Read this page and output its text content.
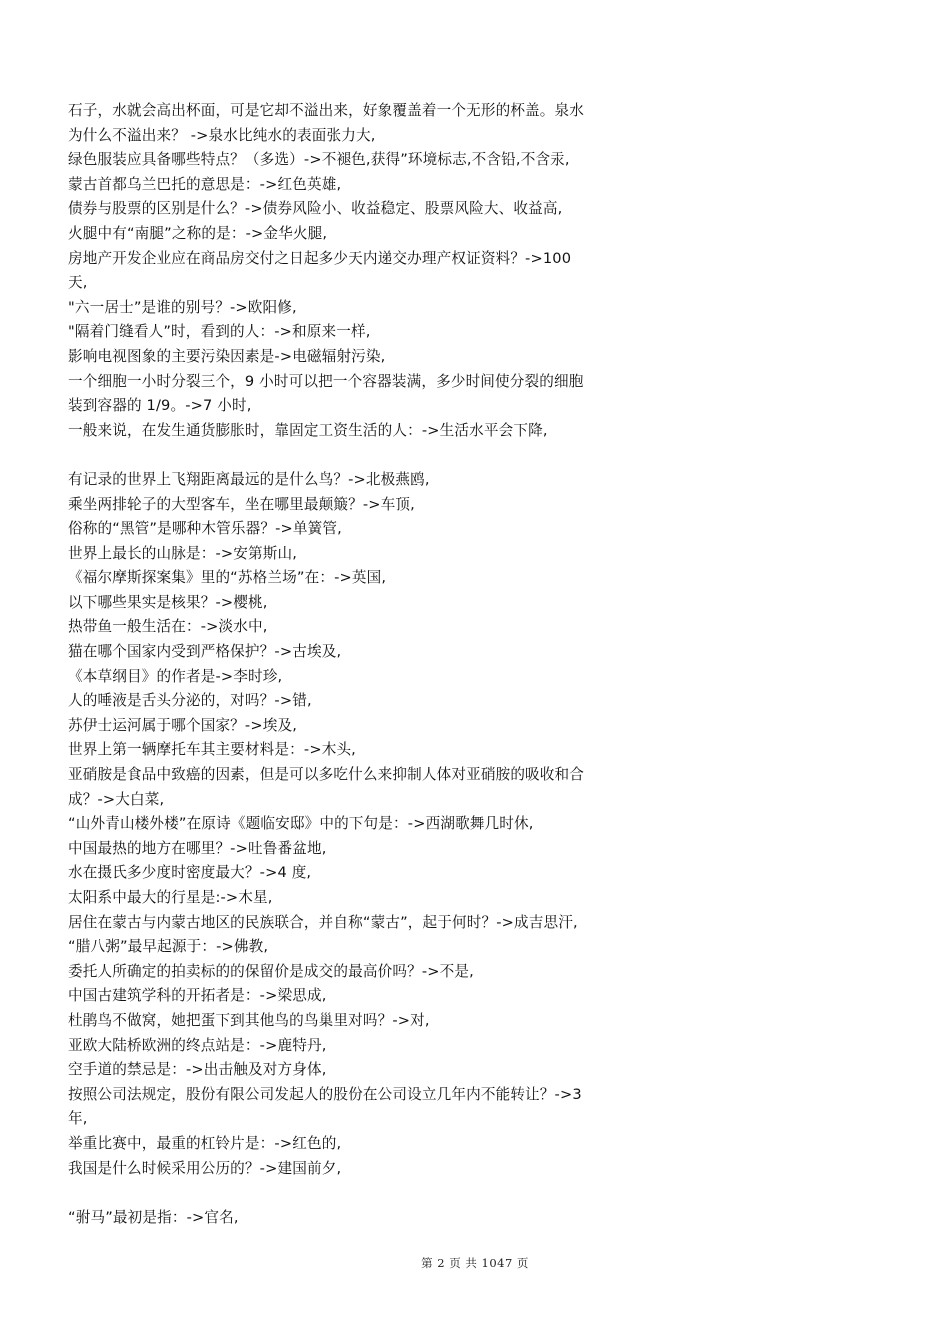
石子，水就会高出杯面，可是它却不溢出来，好象覆盖着一个无形的杯盖。泉水
为什么不溢出来？ ->泉水比纯水的表面张力大,
绿色服装应具备哪些特点？（多选）->不褪色,获得”环境标志,不含铅,不含汞,
蒙古首都乌兰巴托的意思是：->红色英雄,
债券与股票的区别是什么？->债券风险小、收益稳定、股票风险大、收益高,
火腿中有“南腿”之称的是：->金华火腿,
房地产开发企业应在商品房交付之日起多少天内递交办理产权证资料？->100
天,
"六一居士”是谁的别号？->欧阳修,
"隔着门缝看人”时，看到的人：->和原来一样,
影响电视图象的主要污染因素是->电磁辐射污染,
一个细胞一小时分裂三个，9 小时可以把一个容器装满，多少时间使分裂的细胞
装到容器的 1/9。->7 小时,
一般来说，在发生通货膨胀时，靠固定工资生活的人：->生活水平会下降,
有记录的世界上飞翔距离最远的是什么鸟？->北极燕鸥,
乘坐两排轮子的大型客车，坐在哪里最颠簸？->车顶,
俗称的“黑管”是哪种木管乐器？->单簧管,
世界上最长的山脉是：->安第斯山,
《福尔摩斯探案集》里的“苏格兰场”在：->英国,
以下哪些果实是核果？->樱桃,
热带鱼一般生活在：->淡水中,
猫在哪个国家内受到严格保护？->古埃及,
《本草纲目》的作者是->李时珍,
人的唾液是舌头分泌的，对吗？->错,
苏伊士运河属于哪个国家？->埃及,
世界上第一辆摩托车其主要材料是：->木头,
亚硝胺是食品中致癌的因素，但是可以多吃什么来抑制人体对亚硝胺的吸收和合
成？->大白菜,
“山外青山楼外楼”在原诗《题临安邸》中的下句是：->西湖歌舞几时休,
中国最热的地方在哪里？->吐鲁番盆地,
水在摄氏多少度时密度最大？->4 度,
太阳系中最大的行星是:->木星,
居住在蒙古与内蒙古地区的民族联合，并自称“蒙古”，起于何时？->成吉思汗,
“腊八粥”最早起源于：->佛教,
委托人所确定的拍卖标的的保留价是成交的最高价吗？->不是,
中国古建筑学科的开拓者是：->梁思成,
杜鹃鸟不做窝，她把蛋下到其他鸟的鸟巢里对吗？->对,
亚欧大陆桥欧洲的终点站是：->鹿特丹,
空手道的禁忌是：->出击触及对方身体,
按照公司法规定，股份有限公司发起人的股份在公司设立几年内不能转让？->3
年,
举重比赛中，最重的杠铃片是：->红色的,
我国是什么时候采用公历的？->建国前夕,
“驸马”最初是指：->官名,
第 2 页 共 1047 页
